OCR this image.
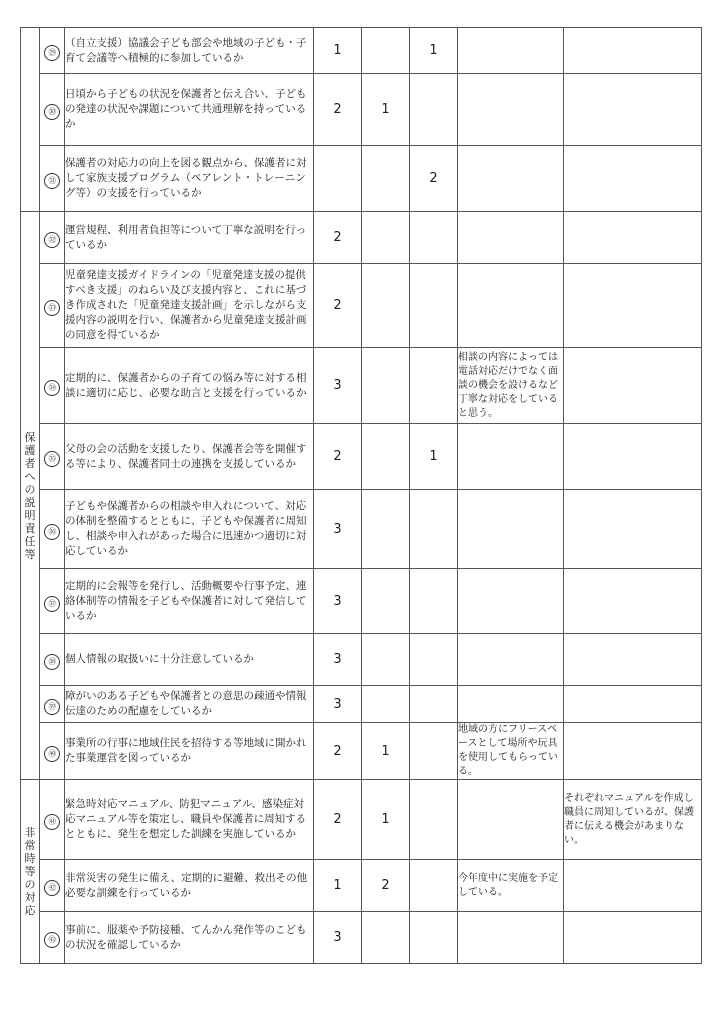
	㉙	（自立支援）協議会子ども部会や地域の子ども・子育て会議等へ積極的に参加しているか	1		1		
	㉚	日頃から子どもの状況を保護者と伝え合い、子どもの発達の状況や課題について共通理解を持っているか	2	1			
	㉛	保護者の対応力の向上を図る観点から、保護者に対して家族支援プログラム（ペアレント・トレーニング等）の支援を行っているか			2		
保護者への説明責任等	㉜	運営規程、利用者負担等について丁寧な説明を行っているか	2				
	㉝	児童発達支援ガイドラインの「児童発達支援の提供すべき支援」のねらい及び支援内容と、これに基づき作成された「児童発達支援計画」を示しながら支援内容の説明を行い、保護者から児童発達支援計画の同意を得ているか	2				
	㉞	定期的に、保護者からの子育ての悩み等に対する相談に適切に応じ、必要な助言と支援を行っているか	3			相談の内容によっては電話対応だけでなく面談の機会を設けるなど丁寧な対応をしていると思う。	
	㉟	父母の会の活動を支援したり、保護者会等を開催する等により、保護者同士の連携を支援しているか	2		1		
	㊱	子どもや保護者からの相談や申入れについて、対応の体制を整備するとともに、子どもや保護者に周知し、相談や申入れがあった場合に迅速かつ適切に対応しているか	3				
	㊲	定期的に会報等を発行し、活動概要や行事予定、連絡体制等の情報を子どもや保護者に対して発信しているか	3				
	㊳	個人情報の取扱いに十分注意しているか	3				
	㊴	障がいのある子どもや保護者との意思の疎通や情報伝達のための配慮をしているか	3				
	㊵	事業所の行事に地域住民を招待する等地域に開かれた事業運営を図っているか	2	1		地域の方にフリースペースとして場所や玩具を使用してもらっている。	
非常時等の対応	㊶	緊急時対応マニュアル、防犯マニュアル、感染症対応マニュアル等を策定し、職員や保護者に周知するとともに、発生を想定した訓練を実施しているか	2	1			それぞれマニュアルを作成し職員に周知しているが、保護者に伝える機会があまりない。
	㊷	非常災害の発生に備え、定期的に避難、救出その他必要な訓練を行っているか	1	2		今年度中に実施を予定している。	
	㊸	事前に、服薬や予防接種、てんかん発作等のこどもの状況を確認しているか	3				
